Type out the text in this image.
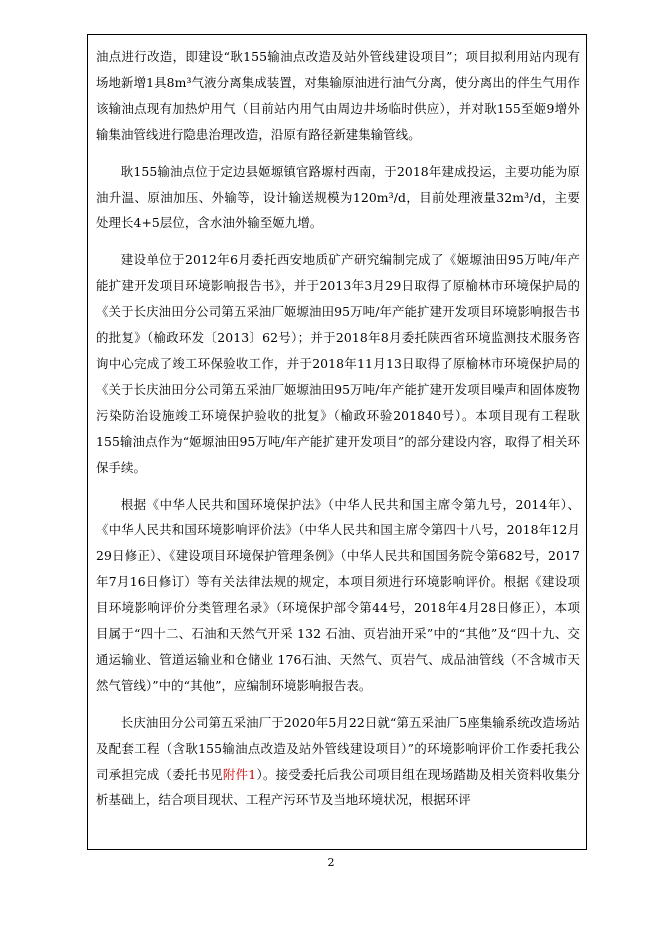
油点进行改造，即建设“耿155输油点改造及站外管线建设项目”；项目拟利用站内现有场地新增1具8m³气液分离集成装置，对集输原油进行油气分离，使分离出的伴生气用作该输油点现有加热炉用气（目前站内用气由周边井场临时供应），并对耿155至姬9增外输集油管线进行隐患治理改造，沿原有路径新建集输管线。

耿155输油点位于定边县姬塬镇官路塬村西南，于2018年建成投运，主要功能为原油升温、原油加压、外输等，设计输送规模为120m³/d，目前处理液量32m³/d，主要处理长4+5层位，含水油外输至姬九增。

建设单位于2012年6月委托西安地质矿产研究编制完成了《姬塬油田95万吨/年产能扩建开发项目环境影响报告书》，并于2013年3月29日取得了原榆林市环境保护局的《关于长庆油田分公司第五采油厂姬塬油田95万吨/年产能扩建开发项目环境影响报告书的批复》（榆政环发〔2013〕62号）；并于2018年8月委托陕西省环境监测技术服务咨询中心完成了竣工环保验收工作，并于2018年11月13日取得了原榆林市环境保护局的《关于长庆油田分公司第五采油厂姬塬油田95万吨/年产能扩建开发项目噪声和固体废物污染防治设施竣工环境保护验收的批复》（榆政环验201840号）。本项目现有工程耿155输油点作为“姬塬油田95万吨/年产能扩建开发项目”的部分建设内容，取得了相关环保手续。

根据《中华人民共和国环境保护法》（中华人民共和国主席令第九号，2014年）、《中华人民共和国环境影响评价法》（中华人民共和国主席令第四十八号，2018年12月29日修正）、《建设项目环境保护管理条例》（中华人民共和国国务院令第682号，2017年7月16日修订）等有关法律法规的规定，本项目须进行环境影响评价。根据《建设项目环境影响评价分类管理名录》（环境保护部令第44号，2018年4月28日修正），本项目属于“四十二、石油和天然气开采 132 石油、页岩油开采”中的“其他”及“四十九、交通运输业、管道运输业和仓储业 176石油、天然气、页岩气、成品油管线（不含城市天然气管线）”中的“其他”，应编制环境影响报告表。

长庆油田分公司第五采油厂于2020年5月22日就“第五采油厂5座集输系统改造场站及配套工程（含耿155输油点改造及站外管线建设项目）”的环境影响评价工作委托我公司承担完成（委托书见附件1）。接受委托后我公司项目组在现场踏勘及相关资料收集分析基础上，结合项目现状、工程产污环节及当地环境状况，根据环评

2
